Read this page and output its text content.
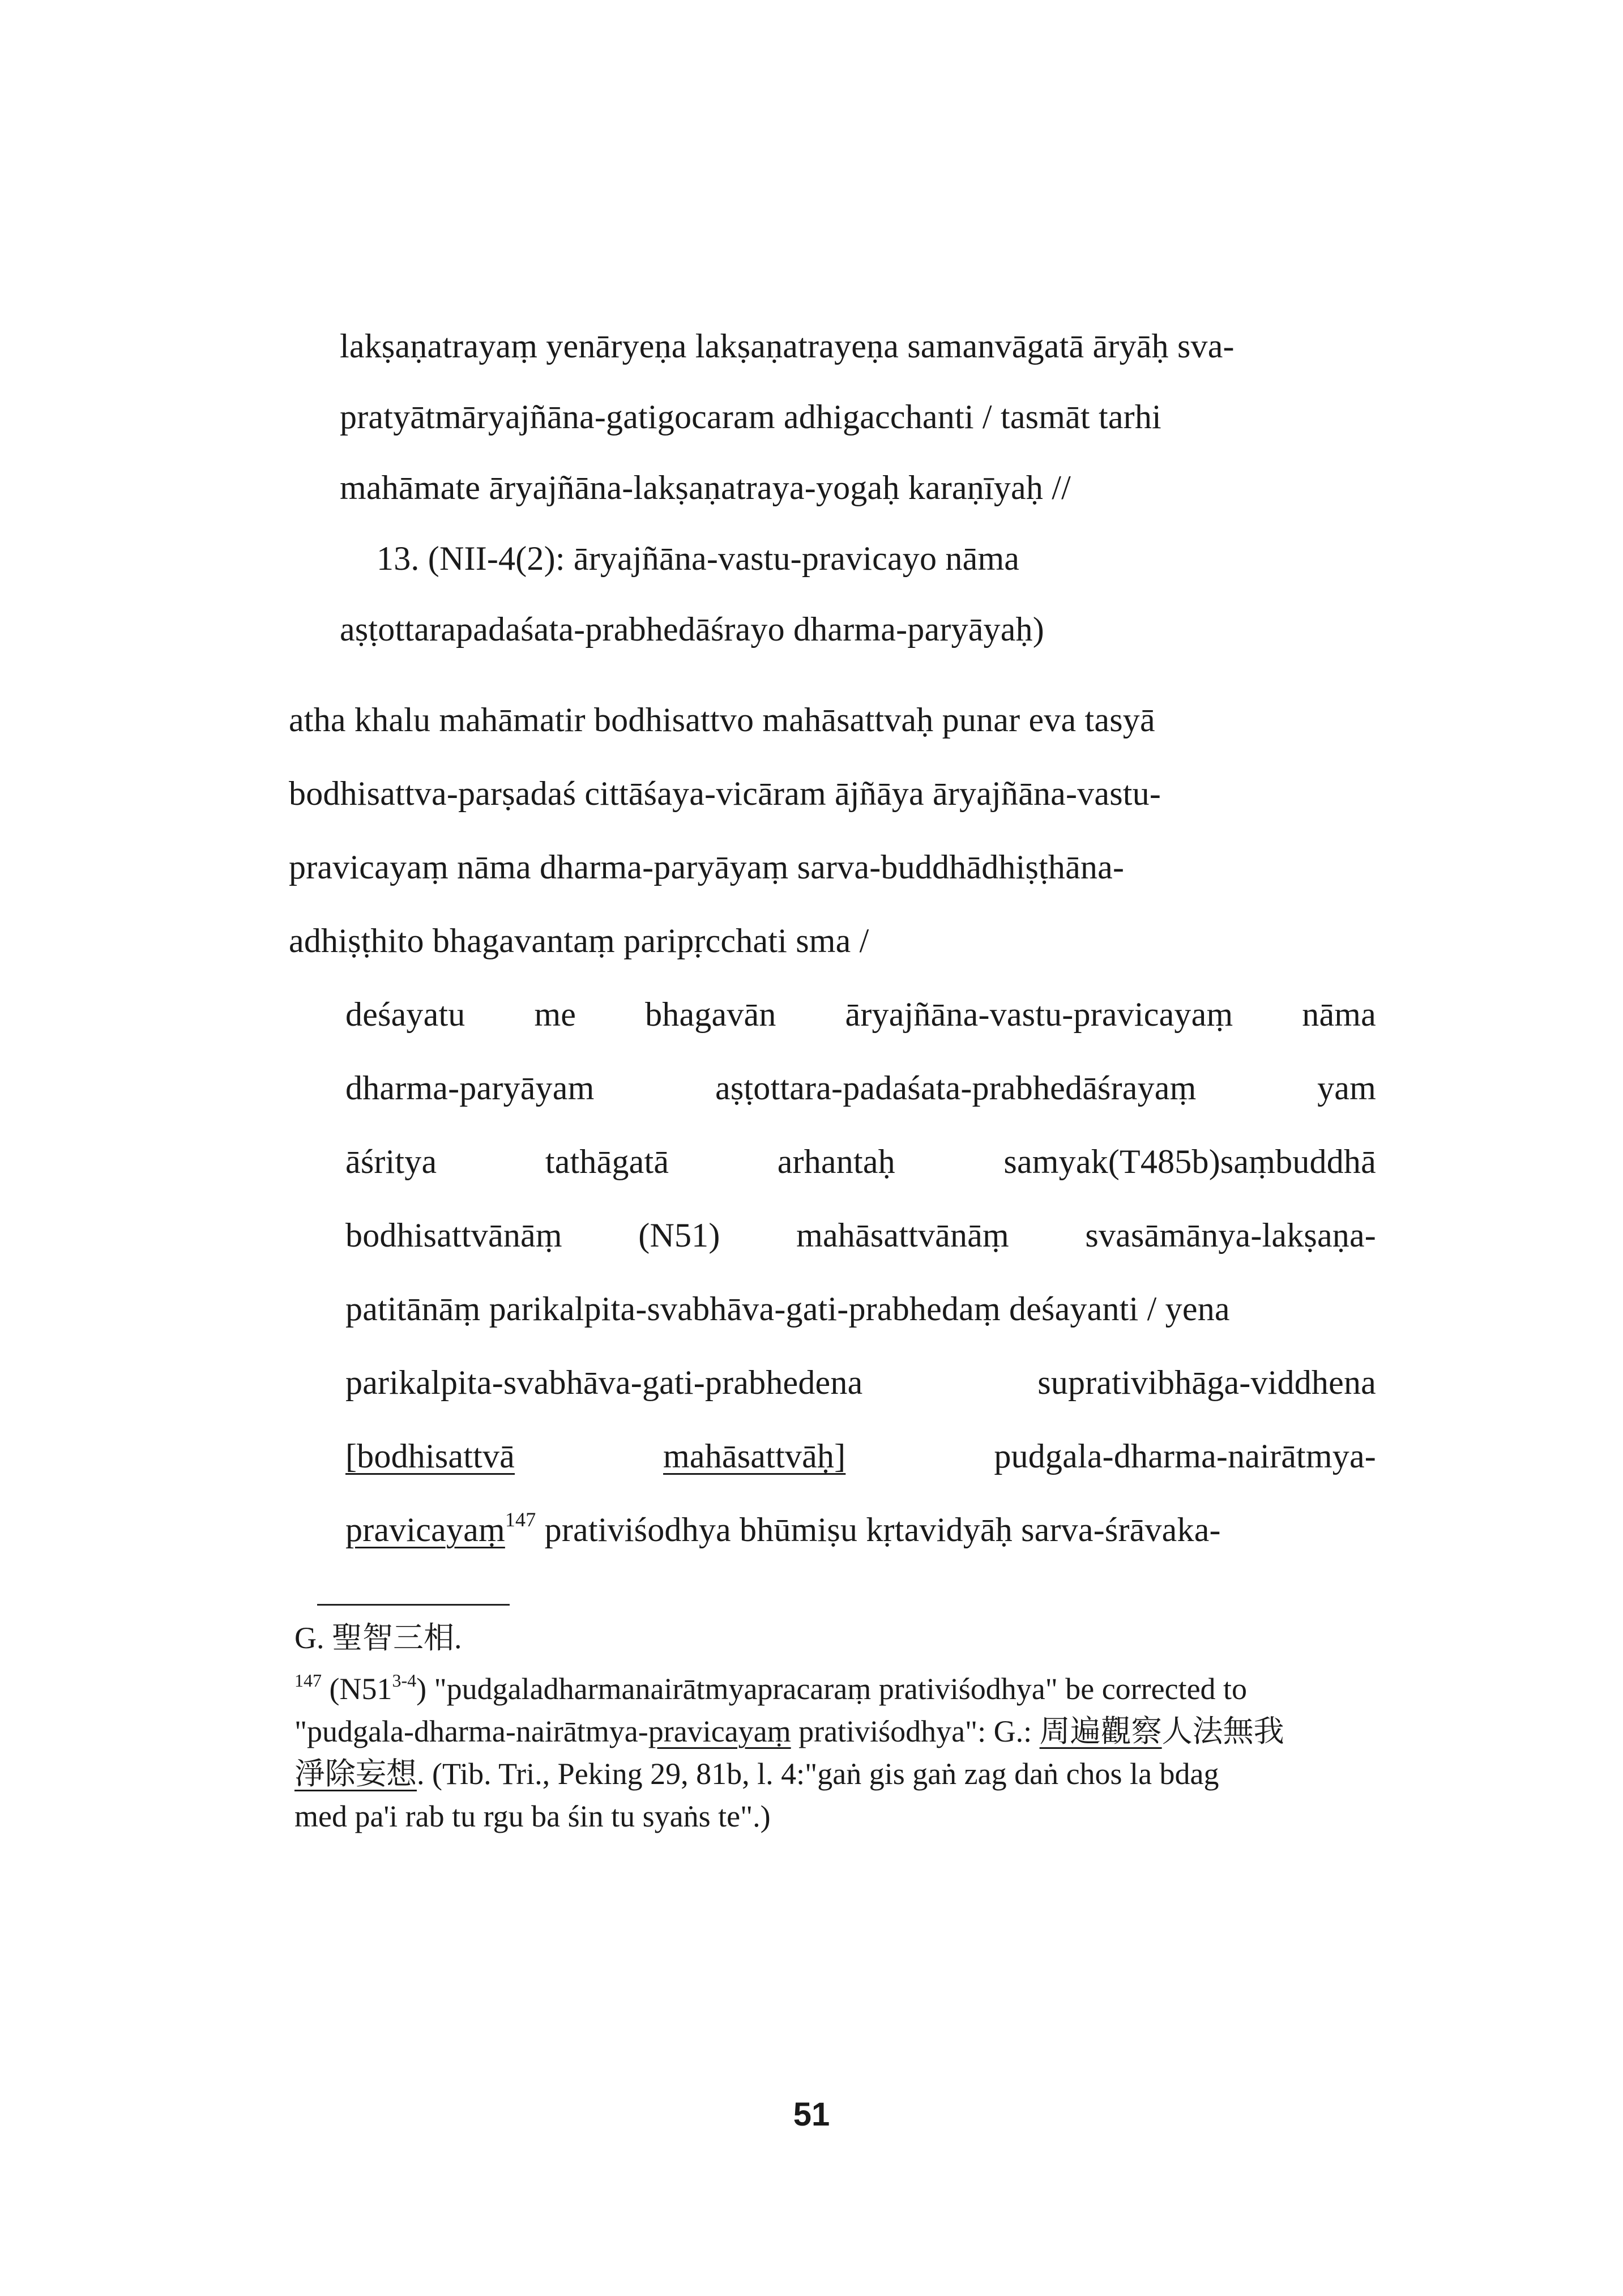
lakṣaṇatrayaṃ yenāryeṇa lakṣaṇatrayeṇa samanvāgatā āryāḥ sva-
pratyātmāryajñāna-gatigocaram adhigacchanti / tasmāt tarhi
mahāmate āryajñāna-lakṣaṇatraya-yogaḥ karaṇīyaḥ //
13. (NII-4(2): āryajñāna-vastu-pravicayo nāma
aṣṭottarapadaśata-prabhedāśrayo dharma-paryāyaḥ)
atha khalu mahāmatir bodhisattvo mahāsattvaḥ punar eva tasyā
bodhisattva-parṣadaś cittāśaya-vicāram ājñāya āryajñāna-vastu-
pravicayaṃ nāma dharma-paryāyaṃ sarva-buddhādhiṣṭhāna-
adhiṣṭhito bhagavantaṃ paripṛcchati sma /
deśayatu me bhagavān āryajñāna-vastu-pravicayaṃ nāma
dharma-paryāyam	aṣṭottara-padaśata-prabhedāśrayaṃ	yam
āśritya	tathāgatā	arhantaḥ	samyak(T485b)saṃbuddhā
bodhisattvānāṃ (N51) mahāsattvānāṃ svasāmānya-lakṣaṇa-
patitānāṃ parikalpita-svabhāva-gati-prabhedaṃ deśayanti / yena
parikalpita-svabhāva-gati-prabhedena	suprativibhāga-viddhena
[bodhisattvā	mahāsattvāḥ]	pudgala-dharma-nairātmya-
pravicayaṃ$^{147}$ prativiśodhya bhūmiṣu kṛtavidyāḥ sarva-śrāvaka-
G. 聖智三相.
$^{147}$ (N51$^{3-4}$) "pudgaladharmanairātmyapracaraṃ prativiśodhya" be corrected to
"pudgala-dharma-nairātmya-pravicayaṃ prativiśodhya": G.: 周遍觀察人法無我
淨除妄想. (Tib. Tri., Peking 29, 81b, l. 4:"gaṅ gis gaṅ zag daṅ chos la bdag
med pa'i rab tu rgu ba śin tu syaṅs te".)
51
